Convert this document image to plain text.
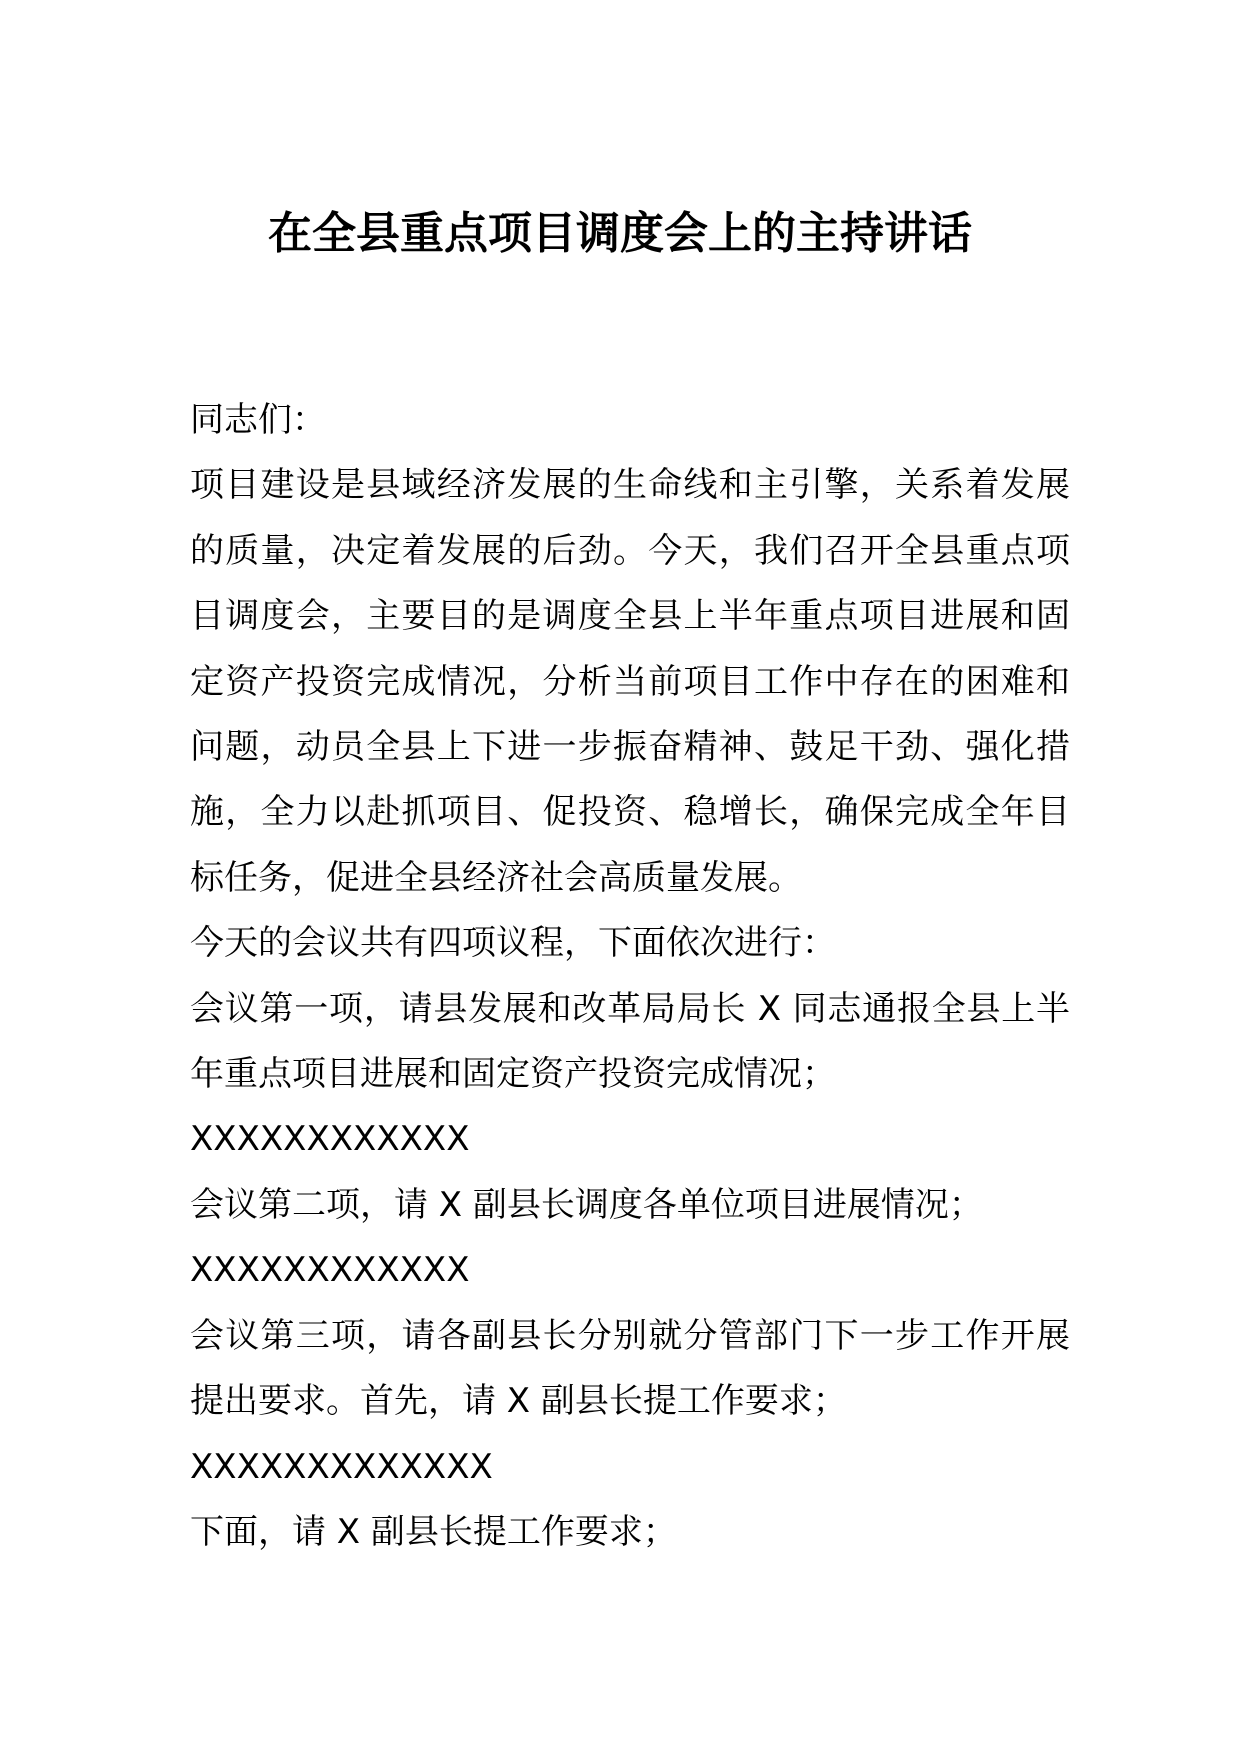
在全县重点项目调度会上的主持讲话

同志们：

项目建设是县域经济发展的生命线和主引擎，关系着发展的质量，决定着发展的后劲。今天，我们召开全县重点项目调度会，主要目的是调度全县上半年重点项目进展和固定资产投资完成情况，分析当前项目工作中存在的困难和问题，动员全县上下进一步振奋精神、鼓足干劲、强化措施，全力以赴抓项目、促投资、稳增长，确保完成全年目标任务，促进全县经济社会高质量发展。

今天的会议共有四项议程，下面依次进行：

会议第一项，请县发展和改革局局长 X 同志通报全县上半年重点项目进展和固定资产投资完成情况；

XXXXXXXXXXXX

会议第二项，请 X 副县长调度各单位项目进展情况；

XXXXXXXXXXXX

会议第三项，请各副县长分别就分管部门下一步工作开展提出要求。首先，请 X 副县长提工作要求；

XXXXXXXXXXXXX

下面，请 X 副县长提工作要求；
